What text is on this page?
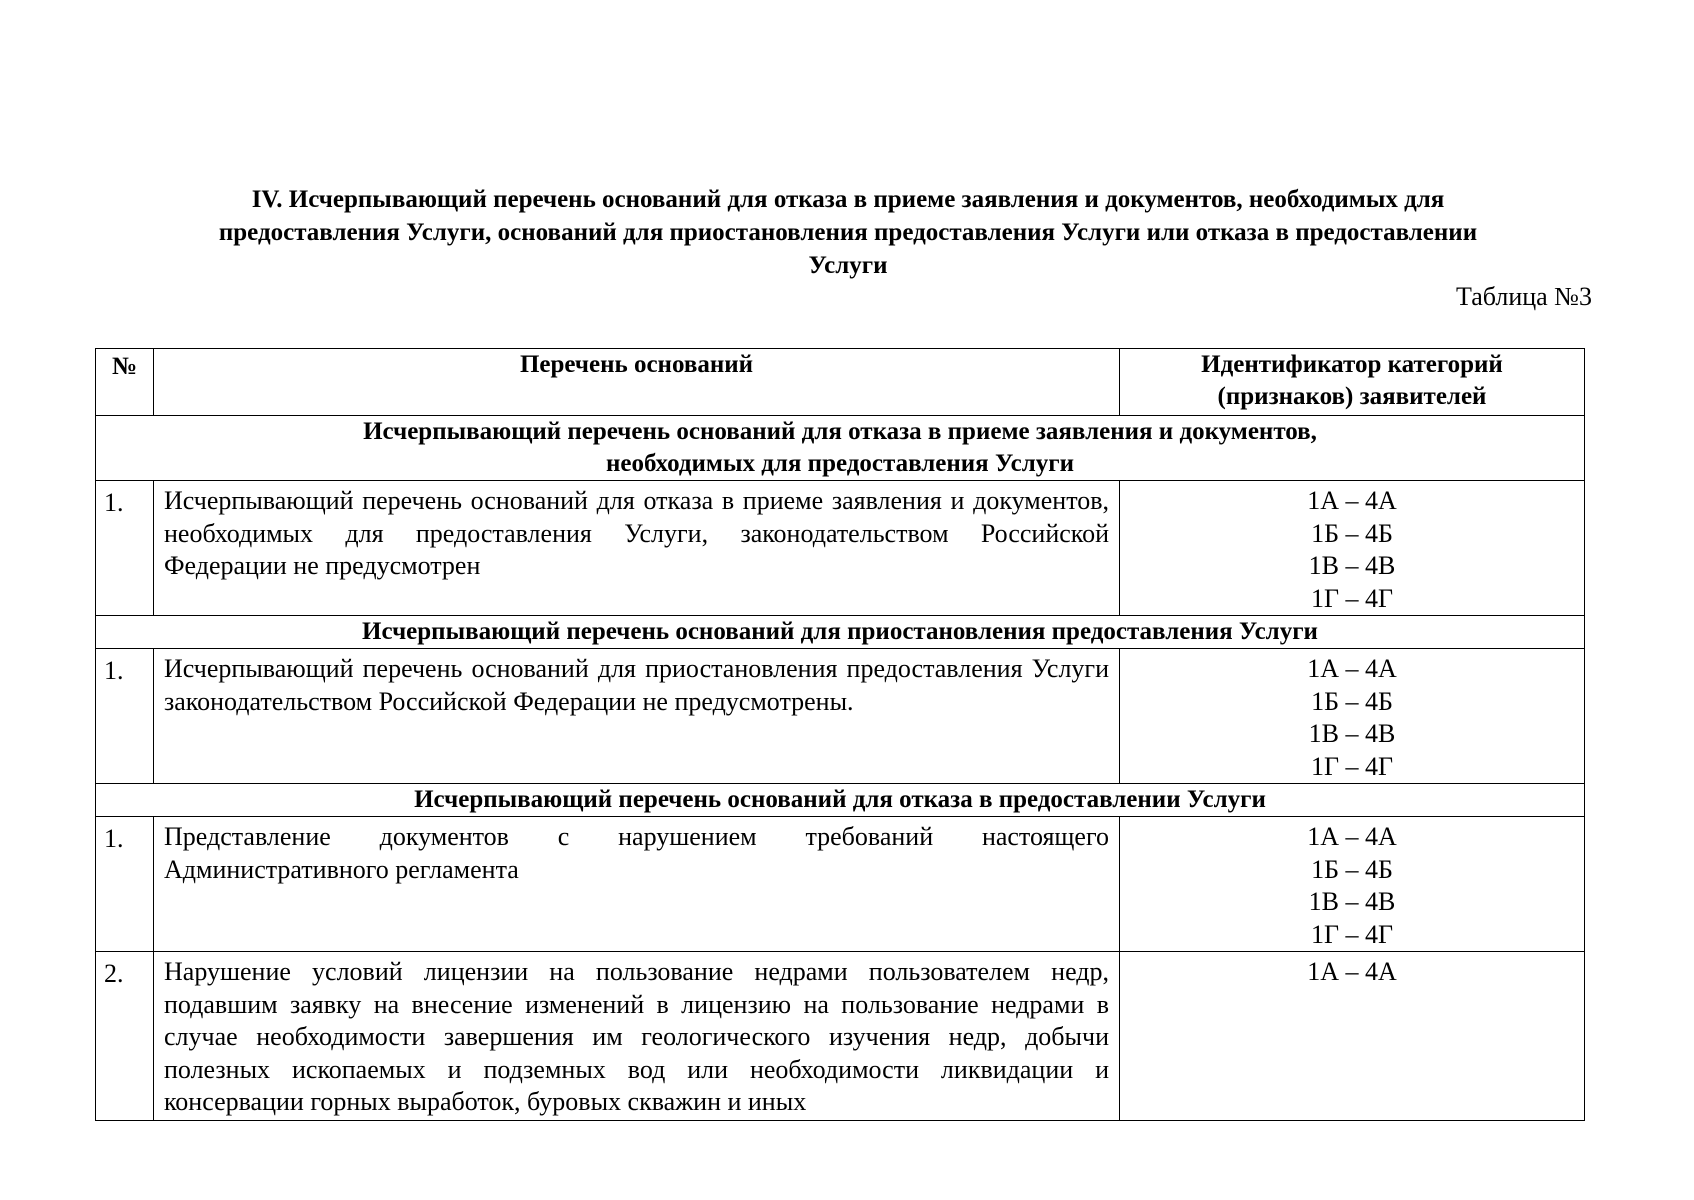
IV. Исчерпывающий перечень оснований для отказа в приеме заявления и документов, необходимых для
предоставления Услуги, оснований для приостановления предоставления Услуги или отказа в предоставлении
Услуги
Таблица №3
№	Перечень оснований	Идентификатор категорий
(признаков) заявителей

Исчерпывающий перечень оснований для отказа в приеме заявления и документов,
необходимых для предоставления Услуги		

1.	Исчерпывающий перечень оснований для отказа в приеме заявления и документов, необходимых для предоставления Услуги, законодательством Российской Федерации не предусмотрен	1А – 4А
1Б – 4Б
1В – 4В
1Г – 4Г

Исчерпывающий перечень оснований для приостановления предоставления Услуги		

1.	Исчерпывающий перечень оснований для приостановления предоставления Услуги законодательством Российской Федерации не предусмотрены.	1А – 4А
1Б – 4Б
1В – 4В
1Г – 4Г

Исчерпывающий перечень оснований для отказа в предоставлении Услуги		

1.	Представление документов с нарушением требований настоящего Административного регламента	1А – 4А
1Б – 4Б
1В – 4В
1Г – 4Г

2.	Нарушение условий лицензии на пользование недрами пользователем недр, подавшим заявку на внесение изменений в лицензию на пользование недрами в случае необходимости завершения им геологического изучения недр, добычи полезных ископаемых и подземных вод или необходимости ликвидации и консервации горных выработок, буровых скважин и иных	1А – 4А
